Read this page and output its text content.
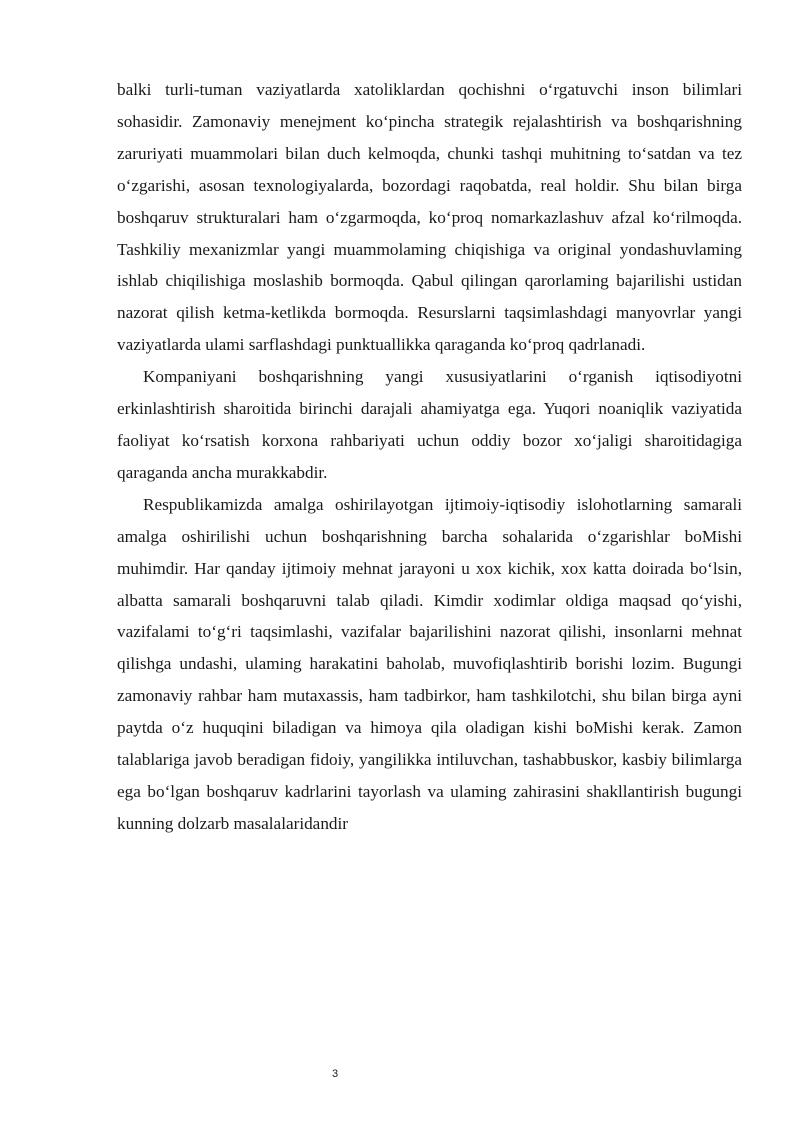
balki turli-tuman vaziyatlarda xatoliklardan qochishni o‘rgatuvchi inson bilimlari sohasidir. Zamonaviy menejment ko‘pincha strategik rejalashtirish va boshqarishning zaruriyati muammolari bilan duch kelmoqda, chunki tashqi muhitning to‘satdan va tez o‘zgarishi, asosan texnologiyalarda, bozordagi raqobatda, real holdir. Shu bilan birga boshqaruv strukturalari ham o‘zgarmoqda, ko‘proq nomarkazlashuv afzal ko‘rilmoqda. Tashkiliy mexanizmlar yangi muammolaming chiqishiga va original yondashuvlaming ishlab chiqilishiga moslashib bormoqda. Qabul qilingan qarorlaming bajarilishi ustidan nazorat qilish ketma-ketlikda bormoqda. Resurslarni taqsimlashdagi manyovrlar yangi vaziyatlarda ulami sarflashdagi punktuallikka qaraganda ko‘proq qadrlanadi.

Kompaniyani boshqarishning yangi xususiyatlarini o‘rganish iqtisodiyotni erkinlashtirish sharoitida birinchi darajali ahamiyatga ega. Yuqori noaniqlik vaziyatida faoliyat ko‘rsatish korxona rahbariyati uchun oddiy bozor xo‘jaligi sharoitidagiga qaraganda ancha murakkabdir.

Respublikamizda amalga oshirilayotgan ijtimoiy-iqtisodiy islohotlarning samarali amalga oshirilishi uchun boshqarishning barcha sohalarida o‘zgarishlar boMishi muhimdir. Har qanday ijtimoiy mehnat jarayoni u xox kichik, xox katta doirada bo‘lsin, albatta samarali boshqaruvni talab qiladi. Kimdir xodimlar oldiga maqsad qo‘yishi, vazifalami to‘g‘ri taqsimlashi, vazifalar bajarilishini nazorat qilishi, insonlarni mehnat qilishga undashi, ulaming harakatini baholab, muvofiqlashtirib borishi lozim. Bugungi zamonaviy rahbar ham mutaxassis, ham tadbirkor, ham tashkilotchi, shu bilan birga ayni paytda o‘z huquqini biladigan va himoya qila oladigan kishi boMishi kerak. Zamon talablariga javob beradigan fidoiy, yangilikka intiluvchan, tashabbuskor, kasbiy bilimlarga ega bo‘lgan boshqaruv kadrlarini tayorlash va ulaming zahirasini shakllantirish bugungi kunning dolzarb masalalaridandir

3
